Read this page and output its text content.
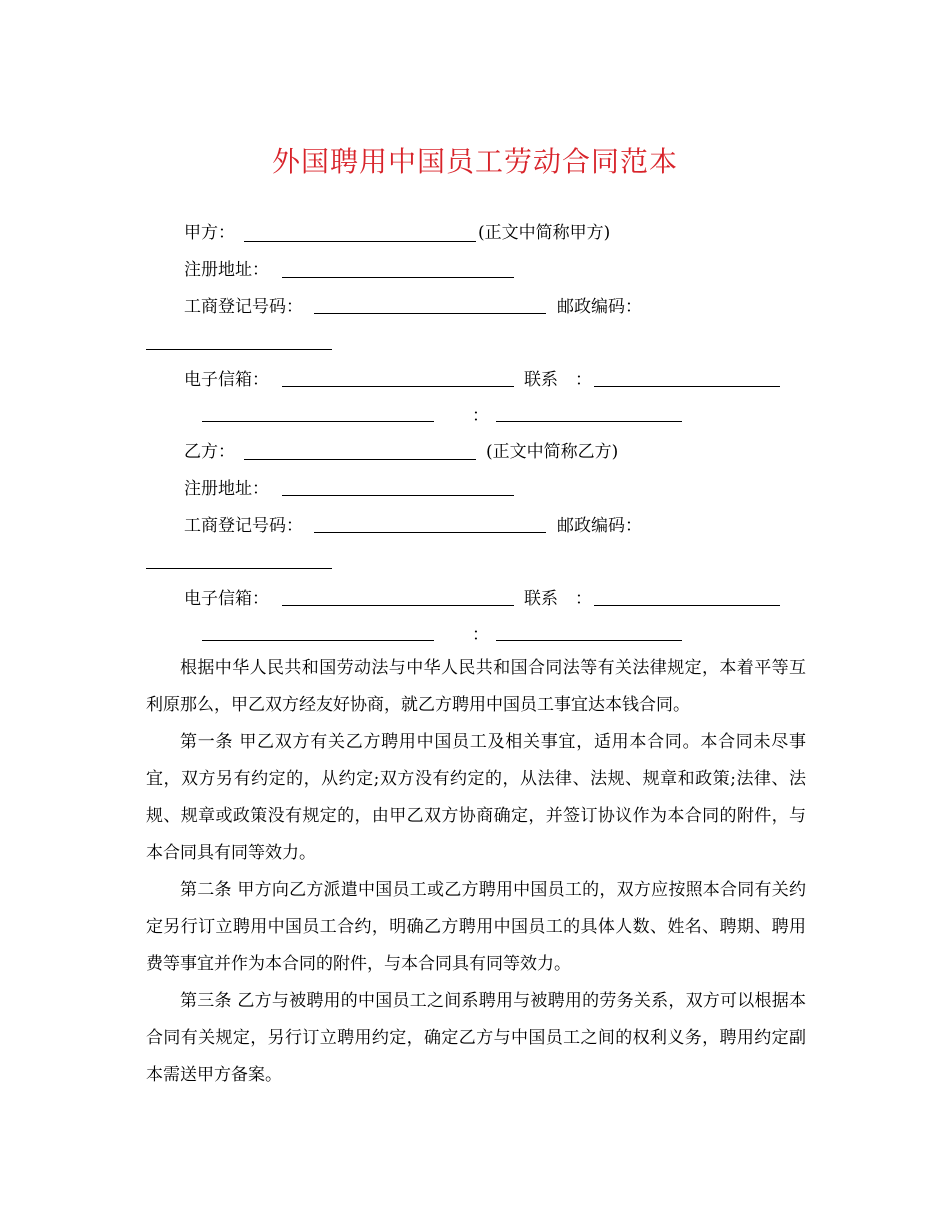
外国聘用中国员工劳动合同范本
甲方：	(正文中简称甲方)
注册地址：
工商登记号码：	邮政编码：
电子信箱：	联系　：
：
乙方：	(正文中简称乙方)
注册地址：
工商登记号码：	邮政编码：
电子信箱：	联系　：
：

根据中华人民共和国劳动法与中华人民共和国合同法等有关法律规定，本着平等互利原那么，甲乙双方经友好协商，就乙方聘用中国员工事宜达本钱合同。

第一条 甲乙双方有关乙方聘用中国员工及相关事宜，适用本合同。本合同未尽事宜，双方另有约定的，从约定;双方没有约定的，从法律、法规、规章和政策;法律、法规、规章或政策没有规定的，由甲乙双方协商确定，并签订协议作为本合同的附件，与本合同具有同等效力。

第二条 甲方向乙方派遣中国员工或乙方聘用中国员工的，双方应按照本合同有关约定另行订立聘用中国员工合约，明确乙方聘用中国员工的具体人数、姓名、聘期、聘用费等事宜并作为本合同的附件，与本合同具有同等效力。

第三条 乙方与被聘用的中国员工之间系聘用与被聘用的劳务关系，双方可以根据本合同有关规定，另行订立聘用约定，确定乙方与中国员工之间的权利义务，聘用约定副本需送甲方备案。
